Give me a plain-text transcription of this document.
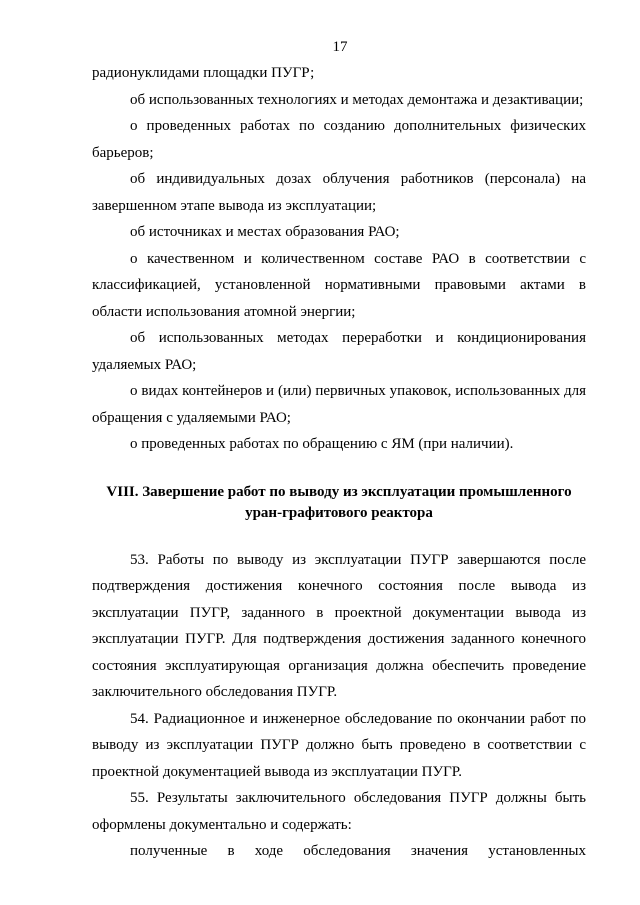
17

радионуклидами площадки ПУГР;

об использованных технологиях и методах демонтажа и дезактивации;

о проведенных работах по созданию дополнительных физических барьеров;

об индивидуальных дозах облучения работников (персонала) на завершенном этапе вывода из эксплуатации;

об источниках и местах образования РАО;

о качественном и количественном составе РАО в соответствии с классификацией, установленной нормативными правовыми актами в области использования атомной энергии;

об использованных методах переработки и кондиционирования удаляемых РАО;

о видах контейнеров и (или) первичных упаковок, использованных для обращения с удаляемыми РАО;

о проведенных работах по обращению с ЯМ (при наличии).

VIII. Завершение работ по выводу из эксплуатации промышленного
уран-графитового реактора

53. Работы по выводу из эксплуатации ПУГР завершаются после подтверждения достижения конечного состояния после вывода из эксплуатации ПУГР, заданного в проектной документации вывода из эксплуатации ПУГР. Для подтверждения достижения заданного конечного состояния эксплуатирующая организация должна обеспечить проведение заключительного обследования ПУГР.

54. Радиационное и инженерное обследование по окончании работ по выводу из эксплуатации ПУГР должно быть проведено в соответствии с проектной документацией вывода из эксплуатации ПУГР.

55. Результаты заключительного обследования ПУГР должны быть оформлены документально и содержать:

полученные в ходе обследования значения установленных
